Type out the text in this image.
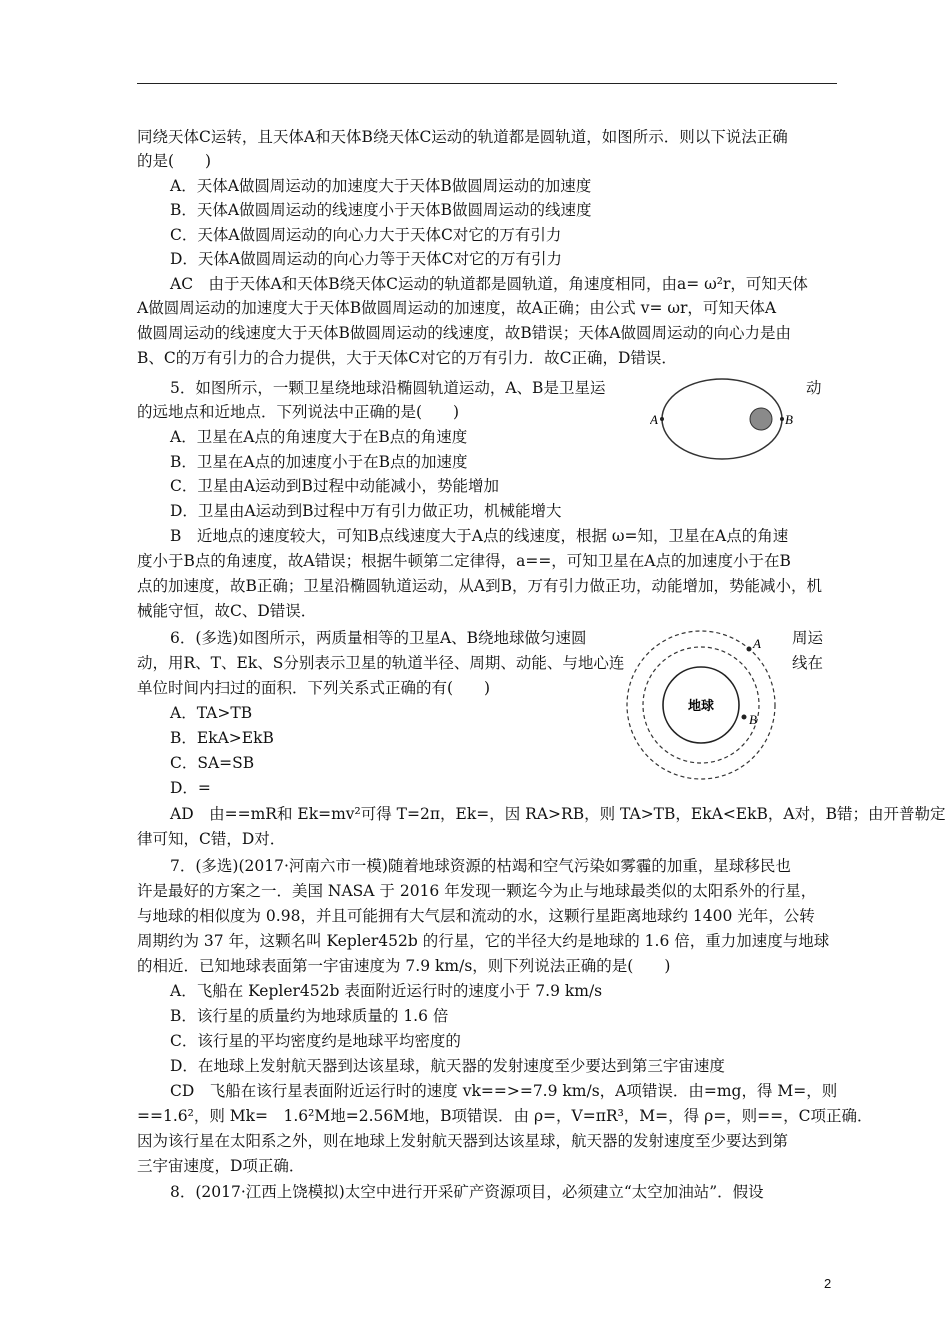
同绕天体C运转，且天体A和天体B绕天体C运动的轨道都是圆轨道，如图所示．则以下说法正确
的是(　　)
A．天体A做圆周运动的加速度大于天体B做圆周运动的加速度
B．天体A做圆周运动的线速度小于天体B做圆周运动的线速度
C．天体A做圆周运动的向心力大于天体C对它的万有引力
D．天体A做圆周运动的向心力等于天体C对它的万有引力
AC　由于天体A和天体B绕天体C运动的轨道都是圆轨道，角速度相同，由a= ω²r，可知天体
A做圆周运动的加速度大于天体B做圆周运动的加速度，故A正确；由公式 v= ωr，可知天体A
做圆周运动的线速度大于天体B做圆周运动的线速度，故B错误；天体A做圆周运动的向心力是由
B、C的万有引力的合力提供，大于天体C对它的万有引力．故C正确，D错误．
5．如图所示，一颗卫星绕地球沿椭圆轨道运动，A、B是卫星运	动
的远地点和近地点．下列说法中正确的是(　　)
A．卫星在A点的角速度大于在B点的角速度
B．卫星在A点的加速度小于在B点的加速度
C．卫星由A运动到B过程中动能减小，势能增加
D．卫星由A运动到B过程中万有引力做正功，机械能增大
B　近地点的速度较大，可知B点线速度大于A点的线速度，根据 ω=知，卫星在A点的角速
度小于B点的角速度，故A错误；根据牛顿第二定律得，a==，可知卫星在A点的加速度小于在B
点的加速度，故B正确；卫星沿椭圆轨道运动，从A到B，万有引力做正功，动能增加，势能减小，机
械能守恒，故C、D错误．
6．(多选)如图所示，两质量相等的卫星A、B绕地球做匀速圆	周运
动，用R、T、Ek、S分别表示卫星的轨道半径、周期、动能、与地心连	线在
单位时间内扫过的面积．下列关系式正确的有(　　)
A．TA>TB
B．EkA>EkB
C．SA=SB
D．=
AD　由==mR和 Ek=mv²可得 T=2π，Ek=，因 RA>RB，则 TA>TB，EkA<EkB，A对，B错；由开普勒定
律可知，C错，D对．
7．(多选)(2017·河南六市一模)随着地球资源的枯竭和空气污染如雾霾的加重，星球移民也
许是最好的方案之一．美国 NASA 于 2016 年发现一颗迄今为止与地球最类似的太阳系外的行星，
与地球的相似度为 0.98，并且可能拥有大气层和流动的水，这颗行星距离地球约 1400 光年，公转
周期约为 37 年，这颗名叫 Kepler452b 的行星，它的半径大约是地球的 1.6 倍，重力加速度与地球
的相近．已知地球表面第一宇宙速度为 7.9 km/s，则下列说法正确的是(　　)
A．飞船在 Kepler452b 表面附近运行时的速度小于 7.9 km/s
B．该行星的质量约为地球质量的 1.6 倍
C．该行星的平均密度约是地球平均密度的
D．在地球上发射航天器到达该星球，航天器的发射速度至少要达到第三宇宙速度
CD　飞船在该行星表面附近运行时的速度 vk==>=7.9 km/s，A项错误．由=mg，得 M=，则
==1.6²，则 Mk=　1.6²M地=2.56M地，B项错误．由 ρ=，V=πR³，M=，得 ρ=，则==，C项正确．
因为该行星在太阳系之外，则在地球上发射航天器到达该星球，航天器的发射速度至少要达到第
三宇宙速度，D项正确．
8．(2017·江西上饶模拟)太空中进行开采矿产资源项目，必须建立“太空加油站”．假设
A	B
地球
A
B
2
